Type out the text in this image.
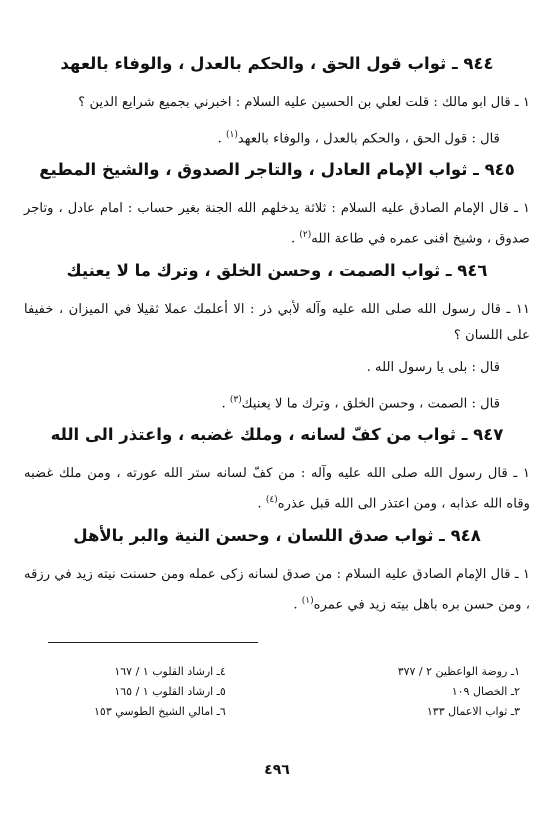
٩٤٤ ـ ثواب قول الحق ، والحكم بالعدل ، والوفاء بالعهد

١ ـ قال ابو مالك : قلت لعلي بن الحسين عليه السلام : اخبرني بجميع شرايع الدين ؟

قال : قول الحق ، والحكم بالعدل ، والوفاء بالعهد$^{(١)}$ .

٩٤٥ ـ ثواب الإمام العادل ، والتاجر الصدوق ، والشيخ المطيع

١ ـ قال الإمام الصادق عليه السلام : ثلاثة يدخلهم الله الجنة بغير حساب : امام عادل ، وتاجر صدوق ، وشيخ افنى عمره في طاعة الله$^{(٢)}$ .

٩٤٦ ـ ثواب الصمت ، وحسن الخلق ، وترك ما لا يعنيك

١١ ـ قال رسول الله صلى الله عليه وآله لأبي ذر : الا أعلمك عملا ثقيلا في الميزان ، خفيفا على اللسان ؟

قال : بلى يا رسول الله .

قال : الصمت ، وحسن الخلق ، وترك ما لا يعنيك$^{(٣)}$ .

٩٤٧ ـ ثواب من كفّ لسانه ، وملك غضبه ، واعتذر الى الله

١ ـ قال رسول الله صلى الله عليه وآله : من كفّ لسانه ستر الله عورته ، ومن ملك غضبه وقاه الله عذابه ، ومن اعتذر الى الله قبل عذره$^{(٤)}$ .

٩٤٨ ـ ثواب صدق اللسان ، وحسن النية والبر بالأهل

١ ـ قال الإمام الصادق عليه السلام : من صدق لسانه زكى عمله ومن حسنت نيته زيد في رزقه ، ومن حسن بره باهل بيته زيد في عمره$^{(١)}$ .

١ـ روضة الواعظين ٢ / ٣٧٧
٢ـ الخصال ١٠٩
٣ـ ثواب الاعمال ١٣٣
٤ـ ارشاد القلوب ١ / ١٦٧
٥ـ ارشاد القلوب ١ / ١٦٥
٦ـ امالي الشيخ الطوسي ١٥٣
٤٩٦
